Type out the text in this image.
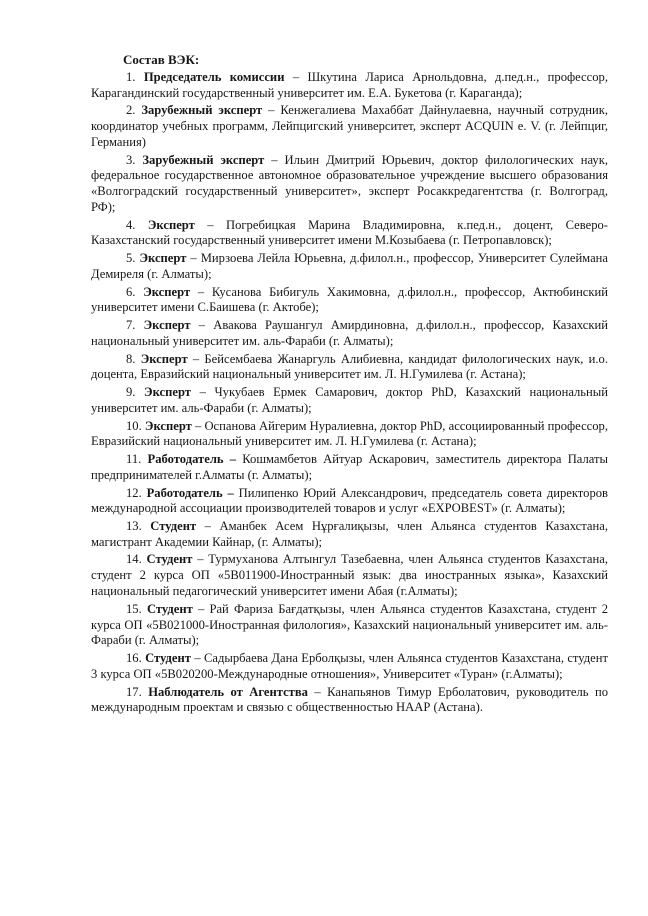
Состав ВЭК:

1. Председатель комиссии – Шкутина Лариса Арнольдовна, д.пед.н., профессор, Карагандинский государственный университет им. Е.А. Букетова (г. Караганда);

2. Зарубежный эксперт – Кенжегалиева Махаббат Дайнулаевна, научный сотрудник, координатор учебных программ, Лейпцигский университет, эксперт ACQUIN e. V. (г. Лейпциг, Германия)

3. Зарубежный эксперт – Ильин Дмитрий Юрьевич, доктор филологических наук, федеральное государственное автономное образовательное учреждение высшего образования «Волгоградский государственный университет», эксперт Росаккредагентства (г. Волгоград, РФ);

4. Эксперт – Погребицкая Марина Владимировна, к.пед.н., доцент, Северо-Казахстанский государственный университет имени М.Козыбаева (г. Петропавловск);

5. Эксперт – Мирзоева Лейла Юрьевна, д.филол.н., профессор, Университет Сулеймана Демиреля (г. Алматы);

6. Эксперт – Кусанова Бибигуль Хакимовна, д.филол.н., профессор, Актюбинский университет имени С.Баишева (г. Актобе);

7. Эксперт – Авакова Раушангул Амирдиновна, д.филол.н., профессор, Казахский национальный университет им. аль-Фараби (г. Алматы);

8. Эксперт – Бейсембаева Жанаргуль Алибиевна, кандидат филологических наук, и.о. доцента, Евразийский национальный университет им. Л. Н.Гумилева (г. Астана);

9. Эксперт – Чукубаев Ермек Самарович, доктор PhD, Казахский национальный университет им. аль-Фараби (г. Алматы);

10. Эксперт – Оспанова Айгерим Нуралиевна, доктор PhD, ассоциированный профессор, Евразийский национальный университет им. Л. Н.Гумилева (г. Астана);

11. Работодатель – Кошмамбетов Айтуар Аскарович, заместитель директора Палаты предпринимателей г.Алматы (г. Алматы);

12. Работодатель – Пилипенко Юрий Александрович, председатель совета директоров международной ассоциации производителей товаров и услуг «EXPOBEST» (г. Алматы);

13. Студент – Аманбек Асем Нұрғалиқызы, член Альянса студентов Казахстана, магистрант Академии Кайнар, (г. Алматы);

14. Студент – Турмуханова Алтынгул Тазебаевна, член Альянса студентов Казахстана, студент 2 курса ОП «5В011900-Иностранный язык: два иностранных языка», Казахский национальный педагогический университет имени Абая (г.Алматы);

15. Студент – Рай Фариза Бағдатқызы, член Альянса студентов Казахстана, студент 2 курса ОП «5В021000-Иностранная филология», Казахский национальный университет им. аль-Фараби (г. Алматы);

16. Студент – Садырбаева Дана Ерболқызы, член Альянса студентов Казахстана, студент 3 курса ОП «5В020200-Международные отношения», Университет «Туран» (г.Алматы);

17. Наблюдатель от Агентства – Канапьянов Тимур Ерболатович, руководитель по международным проектам и связью с общественностью НААР (Астана).
